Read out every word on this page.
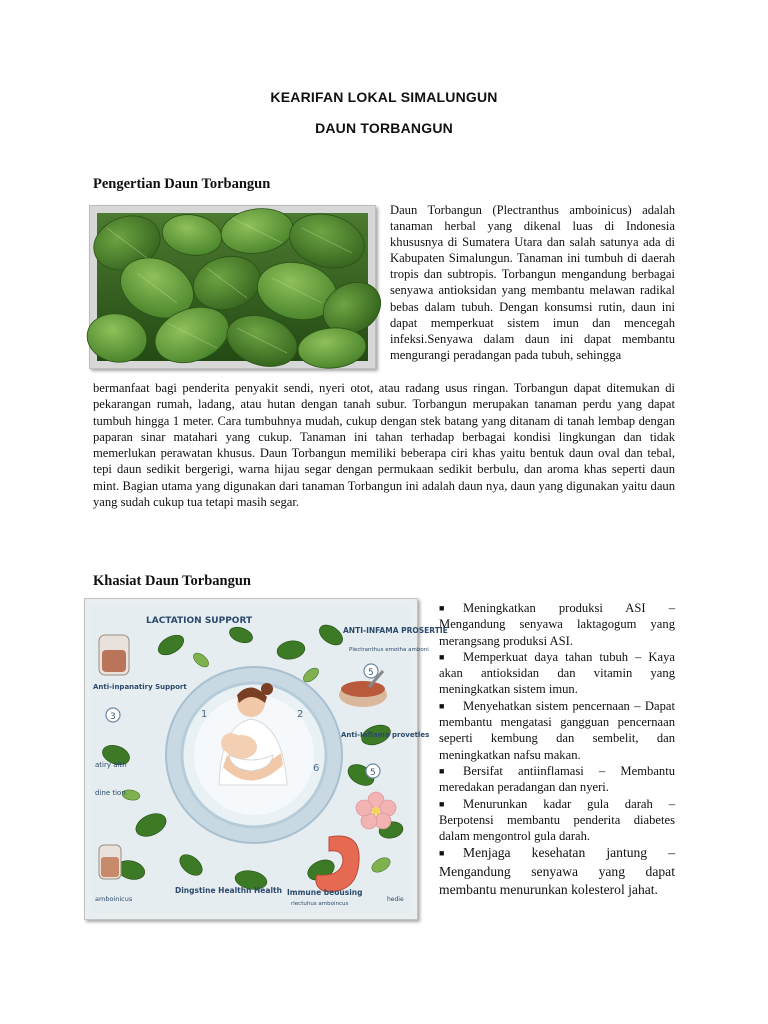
KEARIFAN LOKAL SIMALUNGUN
DAUN TORBANGUN
Pengertian Daun Torbangun

Daun Torbangun (Plectranthus amboinicus) adalah tanaman herbal yang dikenal luas di Indonesia khususnya di Sumatera Utara dan salah satunya ada di Kabupaten Simalungun. Tanaman ini tumbuh di daerah tropis dan subtropis. Torbangun mengandung berbagai senyawa antioksidan yang membantu melawan radikal bebas dalam tubuh. Dengan konsumsi rutin, daun ini dapat memperkuat sistem imun dan mencegah infeksi.Senyawa dalam daun ini dapat membantu mengurangi peradangan pada tubuh, sehingga

bermanfaat bagi penderita penyakit sendi, nyeri otot, atau radang usus ringan. Torbangun dapat ditemukan di pekarangan rumah, ladang, atau hutan dengan tanah subur. Torbangun merupakan tanaman perdu yang dapat tumbuh hingga 1 meter. Cara tumbuhnya mudah, cukup dengan stek batang yang ditanam di tanah lembap dengan paparan sinar matahari yang cukup. Tanaman ini tahan terhadap berbagai kondisi lingkungan dan tidak memerlukan perawatan khusus. Daun Torbangun memiliki beberapa ciri khas yaitu bentuk daun oval dan tebal, tepi daun sedikit bergerigi, warna hijau segar dengan permukaan sedikit berbulu, dan aroma khas seperti daun mint. Bagian utama yang digunakan dari tanaman Torbangun ini adalah daun nya, daun yang digunakan yaitu daun yang sudah cukup tua tetapi masih segar.

Khasiat Daun Torbangun
1	2
6
3
5
5
LACTATION SUPPORT
ANTI-INFAMA PROSERTIE
Plectranthus emotha amboni
Anti-inpanatiry Support
Anti-Inflama provetles
atiry alth
dine tion
Dingstine Healthn Health Immune beousing
rlectuhus amboincus
amboinicus	hedie
■ Meningkatkan produksi ASI – Mengandung senyawa laktagogum yang merangsang produksi ASI.
■ Memperkuat daya tahan tubuh – Kaya akan antioksidan dan vitamin yang meningkatkan sistem imun.
■ Menyehatkan sistem pencernaan – Dapat membantu mengatasi gangguan pencernaan seperti kembung dan sembelit, dan meningkatkan nafsu makan.
■ Bersifat antiinflamasi – Membantu meredakan peradangan dan nyeri.
■ Menurunkan kadar gula darah – Berpotensi membantu penderita diabetes dalam mengontrol gula darah.
■ Menjaga kesehatan jantung – Mengandung senyawa yang dapat membantu menurunkan kolesterol jahat.
